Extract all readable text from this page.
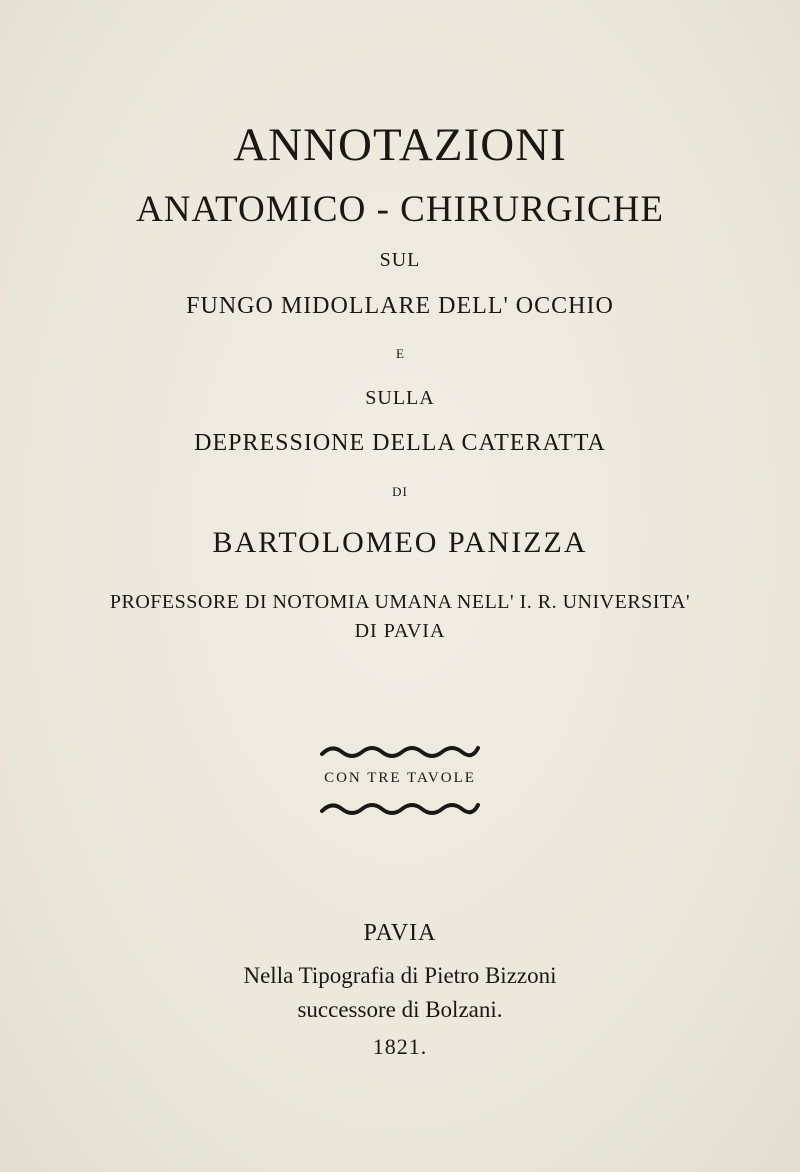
ANNOTAZIONI
ANATOMICO - CHIRURGICHE
SUL
FUNGO MIDOLLARE DELL' OCCHIO
E
SULLA
DEPRESSIONE DELLA CATERATTA
DI
BARTOLOMEO PANIZZA
PROFESSORE DI NOTOMIA UMANA NELL' I. R. UNIVERSITA'
DI PAVIA
CON TRE TAVOLE
PAVIA
Nella Tipografia di Pietro Bizzoni
successore di Bolzani.
1821.
